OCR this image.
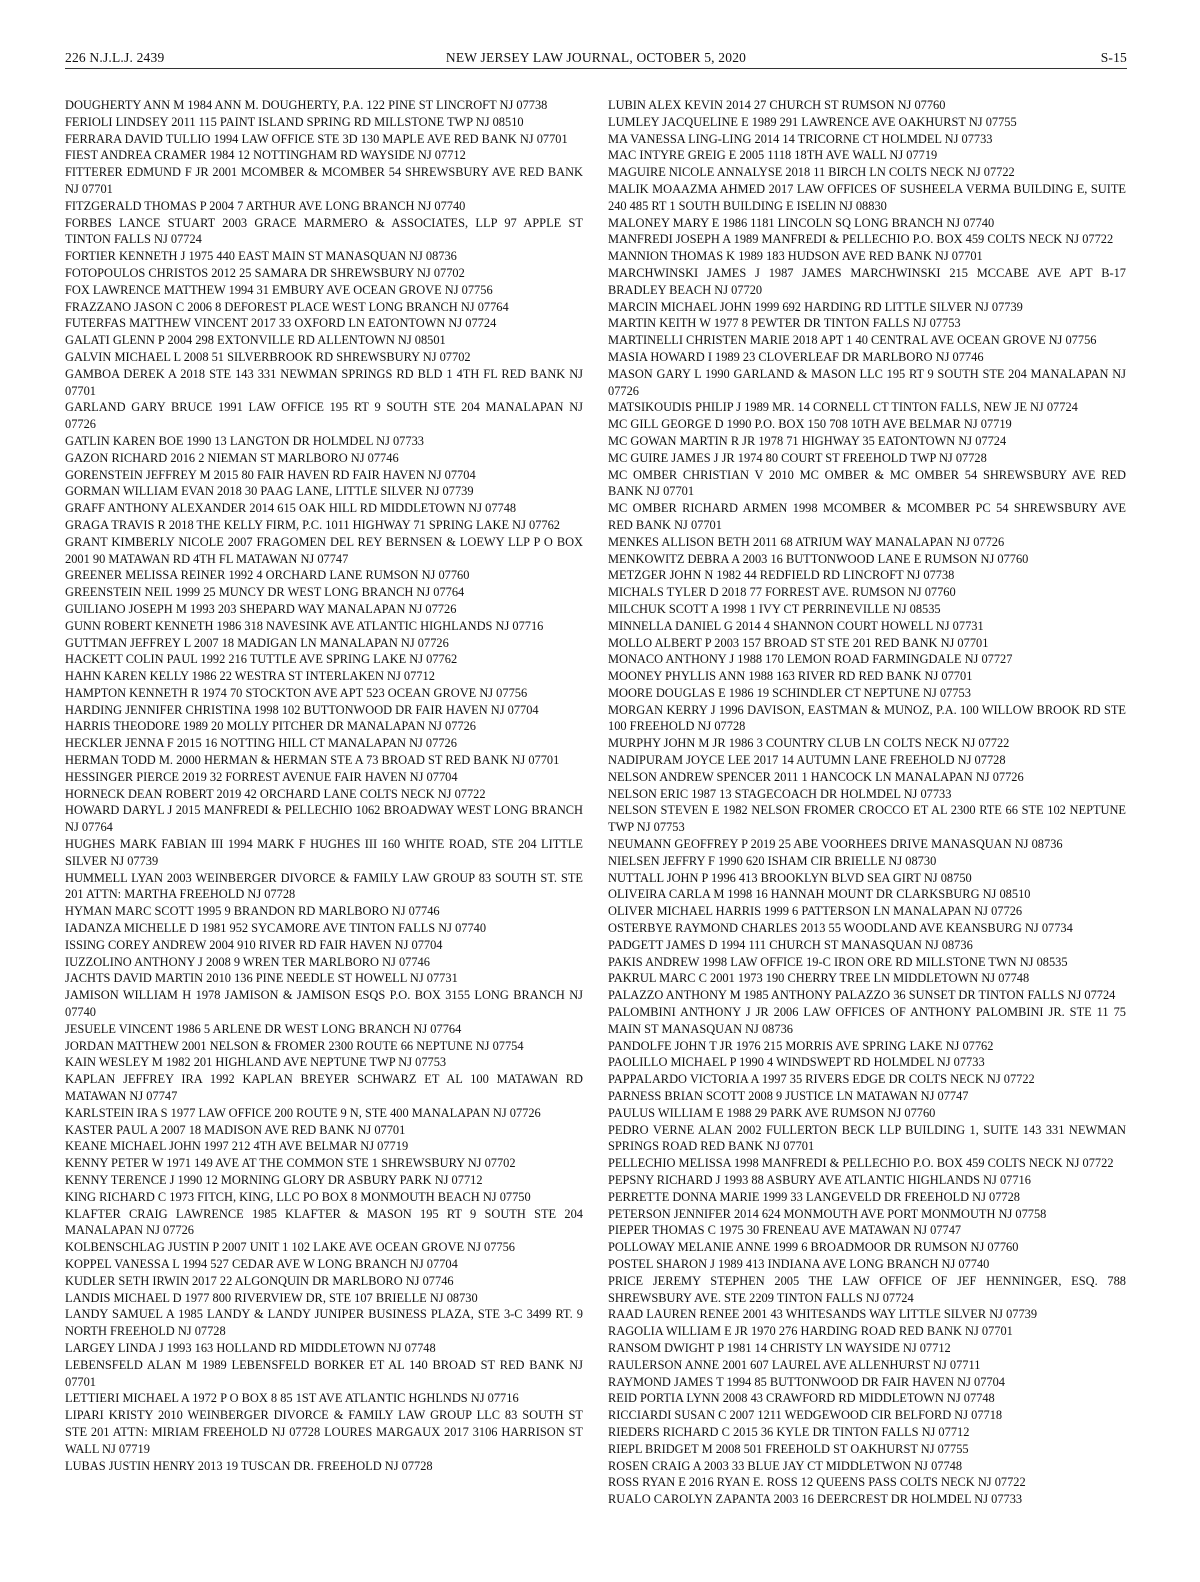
226 N.J.L.J. 2439	NEW JERSEY LAW JOURNAL, OCTOBER 5, 2020	S-15

DOUGHERTY ANN M 1984 ANN M. DOUGHERTY, P.A. 122 PINE ST LINCROFT NJ 07738

FERIOLI LINDSEY 2011 115 PAINT ISLAND SPRING RD MILLSTONE TWP NJ 08510

FERRARA DAVID TULLIO 1994 LAW OFFICE STE 3D 130 MAPLE AVE RED BANK NJ 07701

FIEST ANDREA CRAMER 1984 12 NOTTINGHAM RD WAYSIDE NJ 07712

FITTERER EDMUND F JR 2001 MCOMBER & MCOMBER 54 SHREWSBURY AVE RED BANK NJ 07701

FITZGERALD THOMAS P 2004 7 ARTHUR AVE LONG BRANCH NJ 07740

FORBES LANCE STUART 2003 GRACE MARMERO & ASSOCIATES, LLP 97 APPLE ST TINTON FALLS NJ 07724

FORTIER KENNETH J 1975 440 EAST MAIN ST MANASQUAN NJ 08736

FOTOPOULOS CHRISTOS 2012 25 SAMARA DR SHREWSBURY NJ 07702

FOX LAWRENCE MATTHEW 1994 31 EMBURY AVE OCEAN GROVE NJ 07756

FRAZZANO JASON C 2006 8 DEFOREST PLACE WEST LONG BRANCH NJ 07764

FUTERFAS MATTHEW VINCENT 2017 33 OXFORD LN EATONTOWN NJ 07724

GALATI GLENN P 2004 298 EXTONVILLE RD ALLENTOWN NJ 08501

GALVIN MICHAEL L 2008 51 SILVERBROOK RD SHREWSBURY NJ 07702

GAMBOA DEREK A 2018 STE 143 331 NEWMAN SPRINGS RD BLD 1 4TH FL RED BANK NJ 07701

GARLAND GARY BRUCE 1991 LAW OFFICE 195 RT 9 SOUTH STE 204 MANALAPAN NJ 07726

GATLIN KAREN BOE 1990 13 LANGTON DR HOLMDEL NJ 07733

GAZON RICHARD 2016 2 NIEMAN ST MARLBORO NJ 07746

GORENSTEIN JEFFREY M 2015 80 FAIR HAVEN RD FAIR HAVEN NJ 07704

GORMAN WILLIAM EVAN 2018 30 PAAG LANE, LITTLE SILVER NJ 07739

GRAFF ANTHONY ALEXANDER 2014 615 OAK HILL RD MIDDLETOWN NJ 07748

GRAGA TRAVIS R 2018 THE KELLY FIRM, P.C. 1011 HIGHWAY 71 SPRING LAKE NJ 07762

GRANT KIMBERLY NICOLE 2007 FRAGOMEN DEL REY BERNSEN & LOEWY LLP P O BOX 2001 90 MATAWAN RD 4TH FL MATAWAN NJ 07747

GREENER MELISSA REINER 1992 4 ORCHARD LANE RUMSON NJ 07760

GREENSTEIN NEIL 1999 25 MUNCY DR WEST LONG BRANCH NJ 07764

GUILIANO JOSEPH M 1993 203 SHEPARD WAY MANALAPAN NJ 07726

GUNN ROBERT KENNETH 1986 318 NAVESINK AVE ATLANTIC HIGHLANDS NJ 07716

GUTTMAN JEFFREY L 2007 18 MADIGAN LN MANALAPAN NJ 07726

HACKETT COLIN PAUL 1992 216 TUTTLE AVE SPRING LAKE NJ 07762

HAHN KAREN KELLY 1986 22 WESTRA ST INTERLAKEN NJ 07712

HAMPTON KENNETH R 1974 70 STOCKTON AVE APT 523 OCEAN GROVE NJ 07756

HARDING JENNIFER CHRISTINA 1998 102 BUTTONWOOD DR FAIR HAVEN NJ 07704

HARRIS THEODORE 1989 20 MOLLY PITCHER DR MANALAPAN NJ 07726

HECKLER JENNA F 2015 16 NOTTING HILL CT MANALAPAN NJ 07726

HERMAN TODD M. 2000 HERMAN & HERMAN STE A 73 BROAD ST RED BANK NJ 07701

HESSINGER PIERCE 2019 32 FORREST AVENUE FAIR HAVEN NJ 07704

HORNECK DEAN ROBERT 2019 42 ORCHARD LANE COLTS NECK NJ 07722

HOWARD DARYL J 2015 MANFREDI & PELLECHIO 1062 BROADWAY WEST LONG BRANCH NJ 07764

HUGHES MARK FABIAN III 1994 MARK F HUGHES III 160 WHITE ROAD, STE 204 LITTLE SILVER NJ 07739

HUMMELL LYAN 2003 WEINBERGER DIVORCE & FAMILY LAW GROUP 83 SOUTH ST. STE 201 ATTN: MARTHA FREEHOLD NJ 07728

HYMAN MARC SCOTT 1995 9 BRANDON RD MARLBORO NJ 07746

IADANZA MICHELLE D 1981 952 SYCAMORE AVE TINTON FALLS NJ 07740

ISSING COREY ANDREW 2004 910 RIVER RD FAIR HAVEN NJ 07704

IUZZOLINO ANTHONY J 2008 9 WREN TER MARLBORO NJ 07746

JACHTS DAVID MARTIN 2010 136 PINE NEEDLE ST HOWELL NJ 07731

JAMISON WILLIAM H 1978 JAMISON & JAMISON ESQS P.O. BOX 3155 LONG BRANCH NJ 07740

JESUELE VINCENT 1986 5 ARLENE DR WEST LONG BRANCH NJ 07764

JORDAN MATTHEW 2001 NELSON & FROMER 2300 ROUTE 66 NEPTUNE NJ 07754

KAIN WESLEY M 1982 201 HIGHLAND AVE NEPTUNE TWP NJ 07753

KAPLAN JEFFREY IRA 1992 KAPLAN BREYER SCHWARZ ET AL 100 MATAWAN RD MATAWAN NJ 07747

KARLSTEIN IRA S 1977 LAW OFFICE 200 ROUTE 9 N, STE 400 MANALAPAN NJ 07726

KASTER PAUL A 2007 18 MADISON AVE RED BANK NJ 07701

KEANE MICHAEL JOHN 1997 212 4TH AVE BELMAR NJ 07719

KENNY PETER W 1971 149 AVE AT THE COMMON STE 1 SHREWSBURY NJ 07702

KENNY TERENCE J 1990 12 MORNING GLORY DR ASBURY PARK NJ 07712

KING RICHARD C 1973 FITCH, KING, LLC PO BOX 8 MONMOUTH BEACH NJ 07750

KLAFTER CRAIG LAWRENCE 1985 KLAFTER & MASON 195 RT 9 SOUTH STE 204 MANALAPAN NJ 07726

KOLBENSCHLAG JUSTIN P 2007 UNIT 1 102 LAKE AVE OCEAN GROVE NJ 07756

KOPPEL VANESSA L 1994 527 CEDAR AVE W LONG BRANCH NJ 07704

KUDLER SETH IRWIN 2017 22 ALGONQUIN DR MARLBORO NJ 07746

LANDIS MICHAEL D 1977 800 RIVERVIEW DR, STE 107 BRIELLE NJ 08730

LANDY SAMUEL A 1985 LANDY & LANDY JUNIPER BUSINESS PLAZA, STE 3-C 3499 RT. 9 NORTH FREEHOLD NJ 07728

LARGEY LINDA J 1993 163 HOLLAND RD MIDDLETOWN NJ 07748

LEBENSFELD ALAN M 1989 LEBENSFELD BORKER ET AL 140 BROAD ST RED BANK NJ 07701

LETTIERI MICHAEL A 1972 P O BOX 8 85 1ST AVE ATLANTIC HGHLNDS NJ 07716

LIPARI KRISTY 2010 WEINBERGER DIVORCE & FAMILY LAW GROUP LLC 83 SOUTH ST STE 201 ATTN: MIRIAM FREEHOLD NJ 07728 LOURES MARGAUX 2017 3106 HARRISON ST WALL NJ 07719

LUBAS JUSTIN HENRY 2013 19 TUSCAN DR. FREEHOLD NJ 07728

LUBIN ALEX KEVIN 2014 27 CHURCH ST RUMSON NJ 07760

LUMLEY JACQUELINE E 1989 291 LAWRENCE AVE OAKHURST NJ 07755

MA VANESSA LING-LING 2014 14 TRICORNE CT HOLMDEL NJ 07733

MAC INTYRE GREIG E 2005 1118 18TH AVE WALL NJ 07719

MAGUIRE NICOLE ANNALYSE 2018 11 BIRCH LN COLTS NECK NJ 07722

MALIK MOAAZMA AHMED 2017 LAW OFFICES OF SUSHEELA VERMA BUILDING E, SUITE 240 485 RT 1 SOUTH BUILDING E ISELIN NJ 08830

MALONEY MARY E 1986 1181 LINCOLN SQ LONG BRANCH NJ 07740

MANFREDI JOSEPH A 1989 MANFREDI & PELLECHIO P.O. BOX 459 COLTS NECK NJ 07722

MANNION THOMAS K 1989 183 HUDSON AVE RED BANK NJ 07701

MARCHWINSKI JAMES J 1987 JAMES MARCHWINSKI 215 MCCABE AVE APT B-17 BRADLEY BEACH NJ 07720

MARCIN MICHAEL JOHN 1999 692 HARDING RD LITTLE SILVER NJ 07739

MARTIN KEITH W 1977 8 PEWTER DR TINTON FALLS NJ 07753

MARTINELLI CHRISTEN MARIE 2018 APT 1 40 CENTRAL AVE OCEAN GROVE NJ 07756

MASIA HOWARD I 1989 23 CLOVERLEAF DR MARLBORO NJ 07746

MASON GARY L 1990 GARLAND & MASON LLC 195 RT 9 SOUTH STE 204 MANALAPAN NJ 07726

MATSIKOUDIS PHILIP J 1989 MR. 14 CORNELL CT TINTON FALLS, NEW JE NJ 07724

MC GILL GEORGE D 1990 P.O. BOX 150 708 10TH AVE BELMAR NJ 07719

MC GOWAN MARTIN R JR 1978 71 HIGHWAY 35 EATONTOWN NJ 07724

MC GUIRE JAMES J JR 1974 80 COURT ST FREEHOLD TWP NJ 07728

MC OMBER CHRISTIAN V 2010 MC OMBER & MC OMBER 54 SHREWSBURY AVE RED BANK NJ 07701

MC OMBER RICHARD ARMEN 1998 MCOMBER & MCOMBER PC 54 SHREWSBURY AVE RED BANK NJ 07701

MENKES ALLISON BETH 2011 68 ATRIUM WAY MANALAPAN NJ 07726

MENKOWITZ DEBRA A 2003 16 BUTTONWOOD LANE E RUMSON NJ 07760

METZGER JOHN N 1982 44 REDFIELD RD LINCROFT NJ 07738

MICHALS TYLER D 2018 77 FORREST AVE. RUMSON NJ 07760

MILCHUK SCOTT A 1998 1 IVY CT PERRINEVILLE NJ 08535

MINNELLA DANIEL G 2014 4 SHANNON COURT HOWELL NJ 07731

MOLLO ALBERT P 2003 157 BROAD ST STE 201 RED BANK NJ 07701

MONACO ANTHONY J 1988 170 LEMON ROAD FARMINGDALE NJ 07727

MOONEY PHYLLIS ANN 1988 163 RIVER RD RED BANK NJ 07701

MOORE DOUGLAS E 1986 19 SCHINDLER CT NEPTUNE NJ 07753

MORGAN KERRY J 1996 DAVISON, EASTMAN & MUNOZ, P.A. 100 WILLOW BROOK RD STE 100 FREEHOLD NJ 07728

MURPHY JOHN M JR 1986 3 COUNTRY CLUB LN COLTS NECK NJ 07722

NADIPURAM JOYCE LEE 2017 14 AUTUMN LANE FREEHOLD NJ 07728

NELSON ANDREW SPENCER 2011 1 HANCOCK LN MANALAPAN NJ 07726

NELSON ERIC 1987 13 STAGECOACH DR HOLMDEL NJ 07733

NELSON STEVEN E 1982 NELSON FROMER CROCCO ET AL 2300 RTE 66 STE 102 NEPTUNE TWP NJ 07753

NEUMANN GEOFFREY P 2019 25 ABE VOORHEES DRIVE MANASQUAN NJ 08736

NIELSEN JEFFRY F 1990 620 ISHAM CIR BRIELLE NJ 08730

NUTTALL JOHN P 1996 413 BROOKLYN BLVD SEA GIRT NJ 08750

OLIVEIRA CARLA M 1998 16 HANNAH MOUNT DR CLARKSBURG NJ 08510

OLIVER MICHAEL HARRIS 1999 6 PATTERSON LN MANALAPAN NJ 07726

OSTERBYE RAYMOND CHARLES 2013 55 WOODLAND AVE KEANSBURG NJ 07734

PADGETT JAMES D 1994 111 CHURCH ST MANASQUAN NJ 08736

PAKIS ANDREW 1998 LAW OFFICE 19-C IRON ORE RD MILLSTONE TWN NJ 08535

PAKRUL MARC C 2001 1973 190 CHERRY TREE LN MIDDLETOWN NJ 07748

PALAZZO ANTHONY M 1985 ANTHONY PALAZZO 36 SUNSET DR TINTON FALLS NJ 07724

PALOMBINI ANTHONY J JR 2006 LAW OFFICES OF ANTHONY PALOMBINI JR. STE 11 75 MAIN ST MANASQUAN NJ 08736

PANDOLFE JOHN T JR 1976 215 MORRIS AVE SPRING LAKE NJ 07762

PAOLILLO MICHAEL P 1990 4 WINDSWEPT RD HOLMDEL NJ 07733

PAPPALARDO VICTORIA A 1997 35 RIVERS EDGE DR COLTS NECK NJ 07722

PARNESS BRIAN SCOTT 2008 9 JUSTICE LN MATAWAN NJ 07747

PAULUS WILLIAM E 1988 29 PARK AVE RUMSON NJ 07760

PEDRO VERNE ALAN 2002 FULLERTON BECK LLP BUILDING 1, SUITE 143 331 NEWMAN SPRINGS ROAD RED BANK NJ 07701

PELLECHIO MELISSA 1998 MANFREDI & PELLECHIO P.O. BOX 459 COLTS NECK NJ 07722

PEPSNY RICHARD J 1993 88 ASBURY AVE ATLANTIC HIGHLANDS NJ 07716

PERRETTE DONNA MARIE 1999 33 LANGEVELD DR FREEHOLD NJ 07728

PETERSON JENNIFER 2014 624 MONMOUTH AVE PORT MONMOUTH NJ 07758

PIEPER THOMAS C 1975 30 FRENEAU AVE MATAWAN NJ 07747

POLLOWAY MELANIE ANNE 1999 6 BROADMOOR DR RUMSON NJ 07760

POSTEL SHARON J 1989 413 INDIANA AVE LONG BRANCH NJ 07740

PRICE JEREMY STEPHEN 2005 THE LAW OFFICE OF JEF HENNINGER, ESQ. 788 SHREWSBURY AVE. STE 2209 TINTON FALLS NJ 07724

RAAD LAUREN RENEE 2001 43 WHITESANDS WAY LITTLE SILVER NJ 07739

RAGOLIA WILLIAM E JR 1970 276 HARDING ROAD RED BANK NJ 07701

RANSOM DWIGHT P 1981 14 CHRISTY LN WAYSIDE NJ 07712

RAULERSON ANNE 2001 607 LAUREL AVE ALLENHURST NJ 07711

RAYMOND JAMES T 1994 85 BUTTONWOOD DR FAIR HAVEN NJ 07704

REID PORTIA LYNN 2008 43 CRAWFORD RD MIDDLETOWN NJ 07748

RICCIARDI SUSAN C 2007 1211 WEDGEWOOD CIR BELFORD NJ 07718

RIEDERS RICHARD C 2015 36 KYLE DR TINTON FALLS NJ 07712

RIEPL BRIDGET M 2008 501 FREEHOLD ST OAKHURST NJ 07755

ROSEN CRAIG A 2003 33 BLUE JAY CT MIDDLETWON NJ 07748

ROSS RYAN E 2016 RYAN E. ROSS 12 QUEENS PASS COLTS NECK NJ 07722

RUALO CAROLYN ZAPANTA 2003 16 DEERCREST DR HOLMDEL NJ 07733
